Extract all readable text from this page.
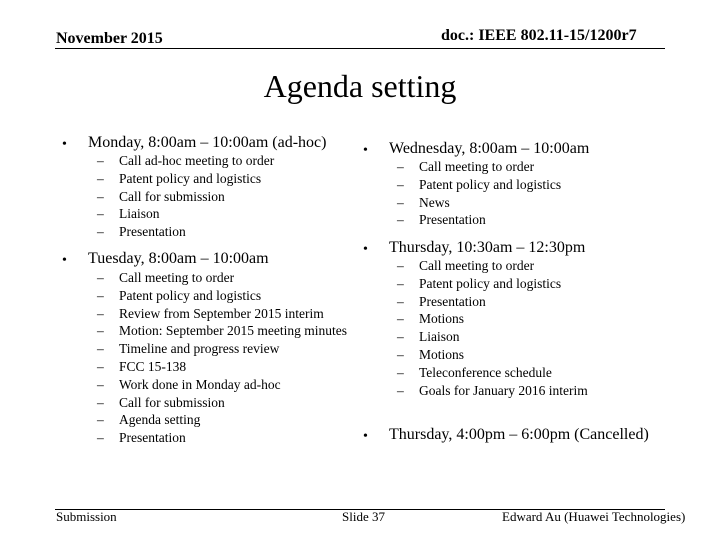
November 2015	doc.: IEEE 802.11-15/1200r7
Agenda setting
• Monday, 8:00am – 10:00am (ad-hoc)
– Call ad-hoc meeting to order
– Patent policy and logistics
– Call for submission
– Liaison
– Presentation
• Tuesday, 8:00am – 10:00am
– Call meeting to order
– Patent policy and logistics
– Review from September 2015 interim
– Motion: September 2015 meeting minutes
– Timeline and progress review
– FCC 15-138
– Work done in Monday ad-hoc
– Call for submission
– Agenda setting
– Presentation
• Wednesday, 8:00am – 10:00am
– Call meeting to order
– Patent policy and logistics
– News
– Presentation
• Thursday, 10:30am – 12:30pm
– Call meeting to order
– Patent policy and logistics
– Presentation
– Motions
– Liaison
– Motions
– Teleconference schedule
– Goals for January 2016 interim
• Thursday, 4:00pm – 6:00pm (Cancelled)
Submission	Slide 37	Edward Au (Huawei Technologies)
